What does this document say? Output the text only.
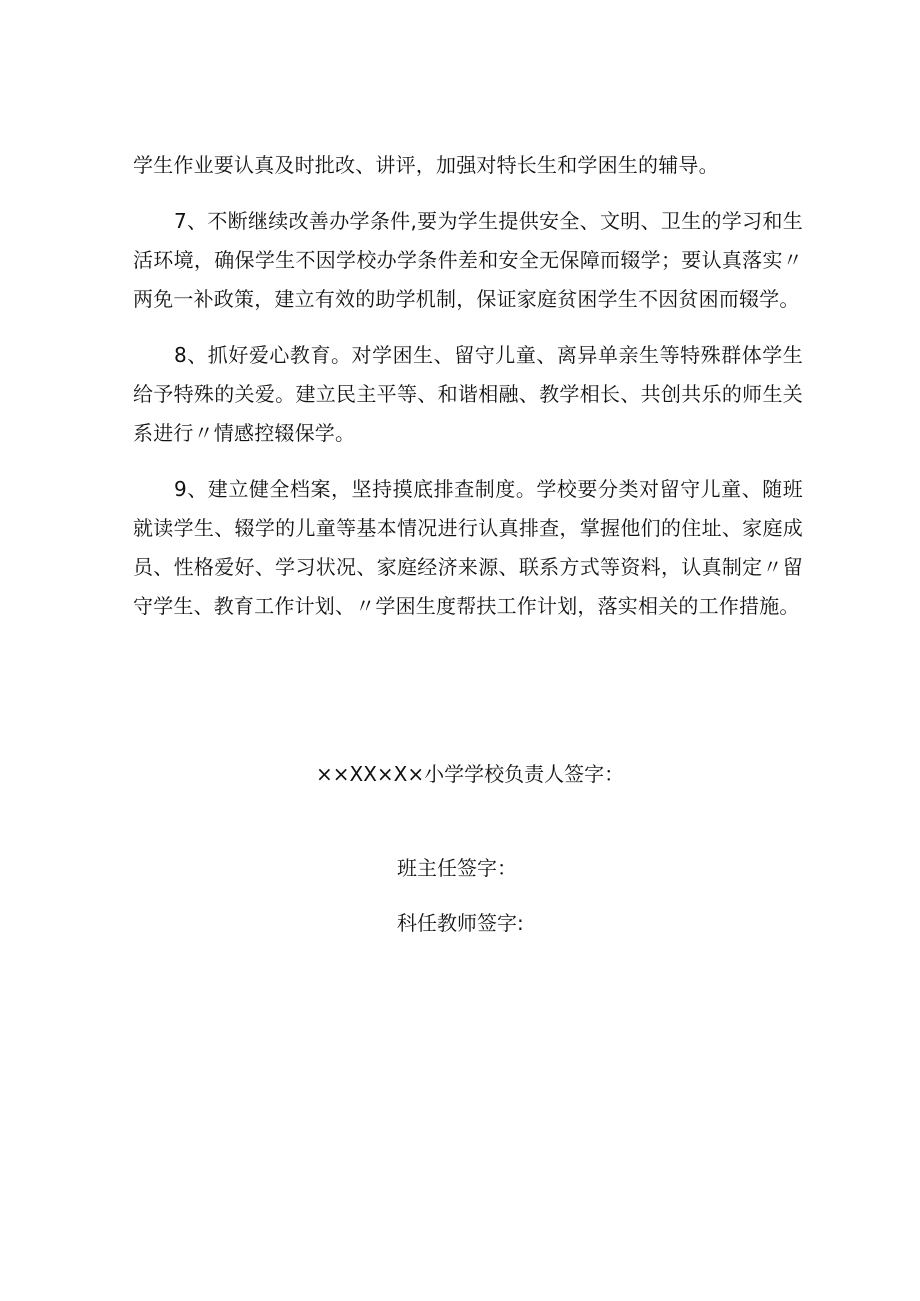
学生作业要认真及时批改、讲评，加强对特长生和学困生的辅导。

7、不断继续改善办学条件,要为学生提供安全、文明、卫生的学习和生活环境，确保学生不因学校办学条件差和安全无保障而辍学；要认真落实〃两免一补政策，建立有效的助学机制，保证家庭贫困学生不因贫困而辍学。

8、抓好爱心教育。对学困生、留守儿童、离异单亲生等特殊群体学生给予特殊的关爱。建立民主平等、和谐相融、教学相长、共创共乐的师生关系进行〃情感控辍保学。

9、建立健全档案，坚持摸底排查制度。学校要分类对留守儿童、随班就读学生、辍学的儿童等基本情况进行认真排查，掌握他们的住址、家庭成员、性格爱好、学习状况、家庭经济来源、联系方式等资料，认真制定〃留守学生、教育工作计划、〃学困生度帮扶工作计划，落实相关的工作措施。

××XX×X×小学学校负责人签字：
班主任签字：
科任教师签字:
